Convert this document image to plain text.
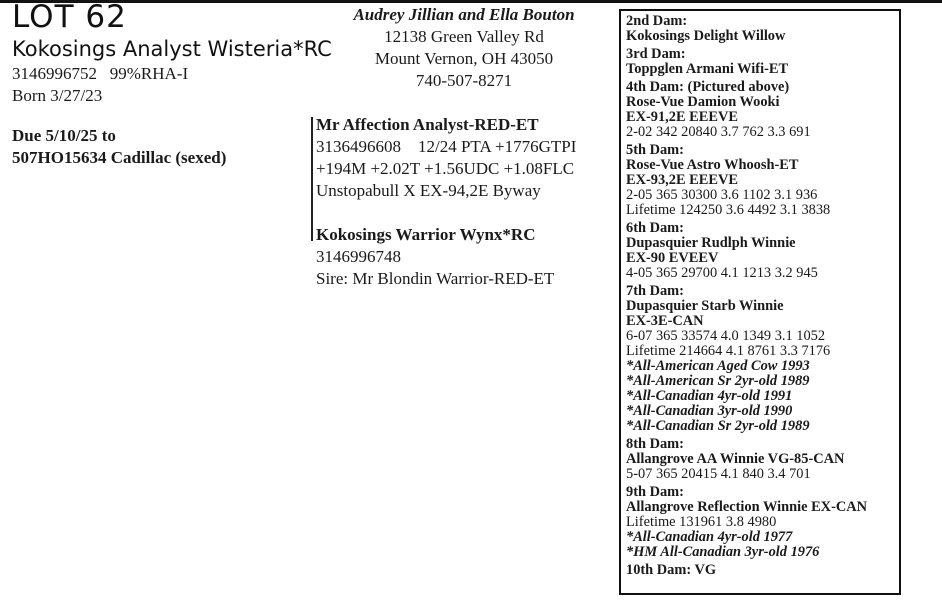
LOT 62
Kokosings Analyst Wisteria*RC
3146996752   99%RHA-I
Born 3/27/23
Due 5/10/25 to
507HO15634 Cadillac (sexed)
Audrey Jillian and Ella Bouton
12138 Green Valley Rd
Mount Vernon, OH 43050
740-507-8271
Mr Affection Analyst-RED-ET
3136496608    12/24 PTA +1776GTPI
+194M +2.02T +1.56UDC +1.08FLC
Unstopabull X EX-94,2E Byway
Kokosings Warrior Wynx*RC
3146996748
Sire: Mr Blondin Warrior-RED-ET
2nd Dam:
Kokosings Delight Willow
3rd Dam:
Toppglen Armani Wifi-ET
4th Dam: (Pictured above)
Rose-Vue Damion Wooki
EX-91,2E EEEVE
2-02 342 20840 3.7 762 3.3 691
5th Dam:
Rose-Vue Astro Whoosh-ET
EX-93,2E EEEVE
2-05 365 30300 3.6 1102 3.1 936
Lifetime 124250 3.6 4492 3.1 3838
6th Dam:
Dupasquier Rudlph Winnie
EX-90 EVEEV
4-05 365 29700 4.1 1213 3.2 945
7th Dam:
Dupasquier Starb Winnie
EX-3E-CAN
6-07 365 33574 4.0 1349 3.1 1052
Lifetime 214664 4.1 8761 3.3 7176
*All-American Aged Cow 1993
*All-American Sr 2yr-old 1989
*All-Canadian 4yr-old 1991
*All-Canadian 3yr-old 1990
*All-Canadian Sr 2yr-old 1989
8th Dam:
Allangrove AA Winnie VG-85-CAN
5-07 365 20415 4.1 840 3.4 701
9th Dam:
Allangrove Reflection Winnie EX-CAN
Lifetime 131961 3.8 4980
*All-Canadian 4yr-old 1977
*HM All-Canadian 3yr-old 1976
10th Dam: VG
